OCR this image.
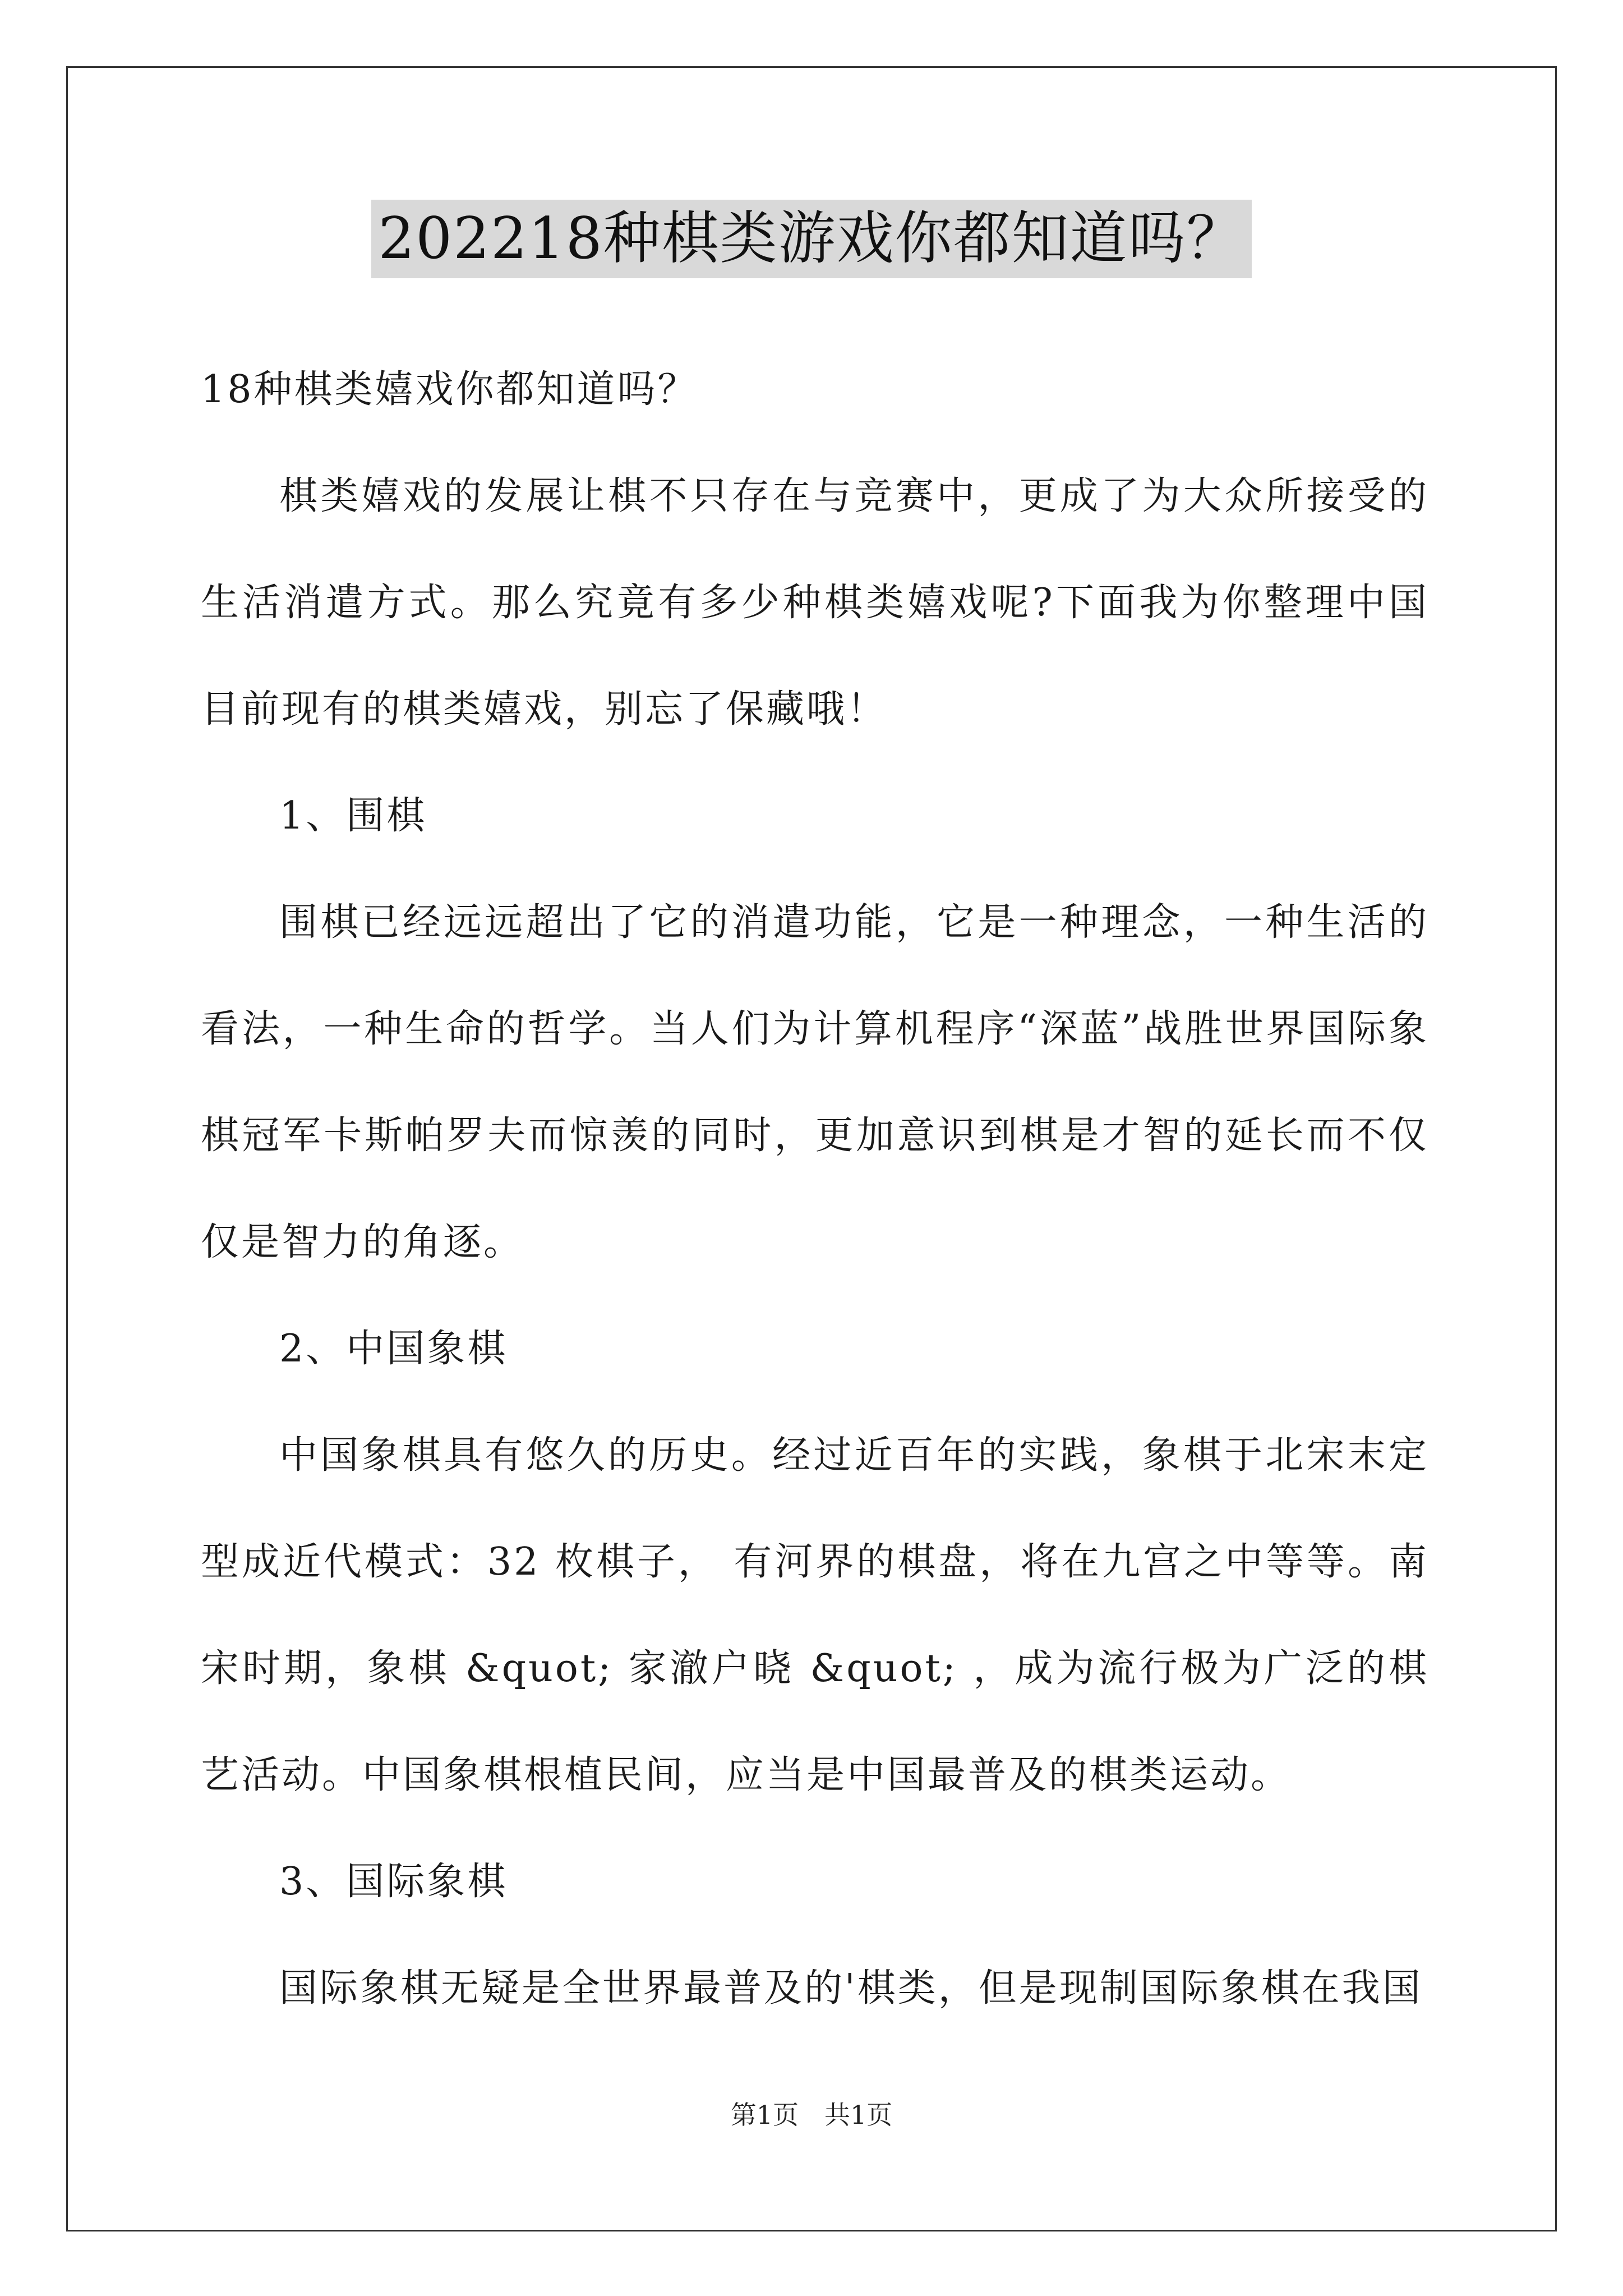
202218种棋类游戏你都知道吗？

18种棋类嬉戏你都知道吗？

棋类嬉戏的发展让棋不只存在与竞赛中，更成了为大众所接受的生活消遣方式。那么究竟有多少种棋类嬉戏呢?下面我为你整理中国目前现有的棋类嬉戏，别忘了保藏哦！

1、围棋

围棋已经远远超出了它的消遣功能，它是一种理念，一种生活的看法，一种生命的哲学。当人们为计算机程序“深蓝”战胜世界国际象棋冠军卡斯帕罗夫而惊羡的同时，更加意识到棋是才智的延长而不仅仅是智力的角逐。

2、中国象棋

中国象棋具有悠久的历史。经过近百年的实践，象棋于北宋末定型成近代模式：32 枚棋子， 有河界的棋盘，将在九宫之中等等。南宋时期，象棋 &quot; 家澈户晓 &quot; ，成为流行极为广泛的棋艺活动。中国象棋根植民间，应当是中国最普及的棋类运动。

3、国际象棋

国际象棋无疑是全世界最普及的'棋类，但是现制国际象棋在我国

第1页 共1页
